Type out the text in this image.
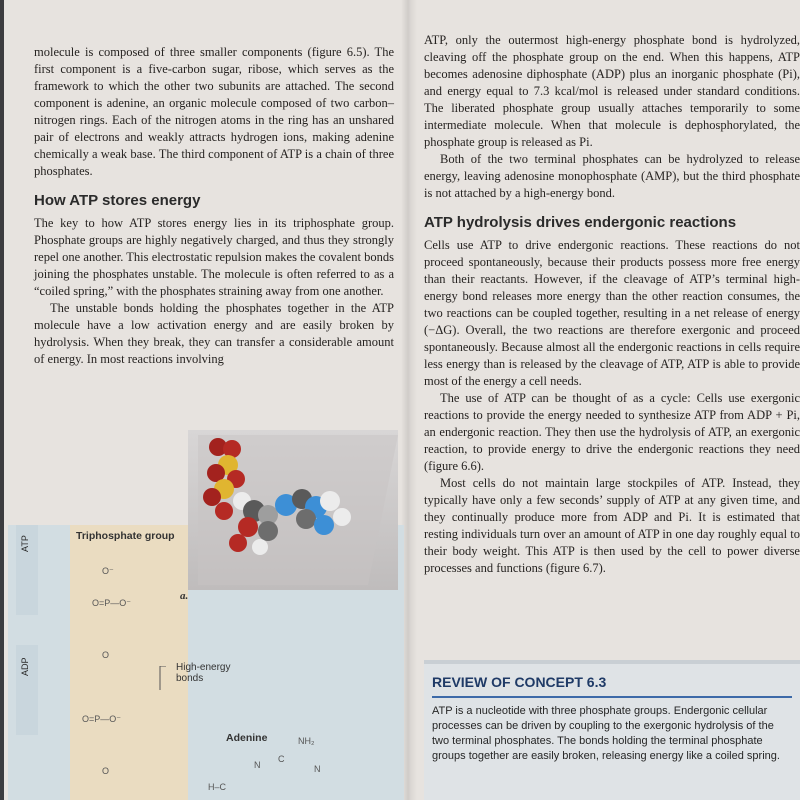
molecule is composed of three smaller components (figure 6.5). The first component is a five-carbon sugar, ribose, which serves as the framework to which the other two subunits are attached. The second component is adenine, an organic molecule composed of two carbon–nitrogen rings. Each of the nitrogen atoms in the ring has an unshared pair of electrons and weakly attracts hydrogen ions, making adenine chemically a weak base. The third component of ATP is a chain of three phosphates.

How ATP stores energy

The key to how ATP stores energy lies in its triphosphate group. Phosphate groups are highly negatively charged, and thus they strongly repel one another. This electrostatic repulsion makes the covalent bonds joining the phosphates unstable. The molecule is often referred to as a “coiled spring,” with the phosphates straining away from one another.

The unstable bonds holding the phosphates together in the ATP molecule have a low activation energy and are easily broken by hydrolysis. When they break, they can transfer a considerable amount of energy. In most reactions involving

ATP, only the outermost high-energy phosphate bond is hydrolyzed, cleaving off the phosphate group on the end. When this happens, ATP becomes adenosine diphosphate (ADP) plus an inorganic phosphate (Pi), and energy equal to 7.3 kcal/mol is released under standard conditions. The liberated phosphate group usually attaches temporarily to some intermediate molecule. When that molecule is dephosphorylated, the phosphate group is released as Pi.

Both of the two terminal phosphates can be hydrolyzed to release energy, leaving adenosine monophosphate (AMP), but the third phosphate is not attached by a high-energy bond.

ATP hydrolysis drives endergonic reactions

Cells use ATP to drive endergonic reactions. These reactions do not proceed spontaneously, because their products possess more free energy than their reactants. However, if the cleavage of ATP’s terminal high-energy bond releases more energy than the other reaction consumes, the two reactions can be coupled together, resulting in a net release of energy (−ΔG). Overall, the two reactions are therefore exergonic and proceed spontaneously. Because almost all the endergonic reactions in cells require less energy than is released by the cleavage of ATP, ATP is able to provide most of the energy a cell needs.

The use of ATP can be thought of as a cycle: Cells use exergonic reactions to provide the energy needed to synthesize ATP from ADP + Pi, an endergonic reaction. They then use the hydrolysis of ATP, an exergonic reaction, to provide energy to drive the endergonic reactions they need (figure 6.6).

Most cells do not maintain large stockpiles of ATP. Instead, they typically have only a few seconds’ supply of ATP at any given time, and they continually produce more from ADP and Pi. It is estimated that resting individuals turn over an amount of ATP in one day roughly equal to their body weight. This ATP is then used by the cell to power diverse processes and functions (figure 6.7).

REVIEW OF CONCEPT 6.3

ATP is a nucleotide with three phosphate groups. Endergonic cellular processes can be driven by coupling to the exergonic hydrolysis of the two terminal phosphates. The bonds holding the terminal phosphate groups together are easily broken, releasing energy like a coiled spring.

ATP
ADP
Triphosphate group
a.
High-energy bonds
Adenine
O⁻
O=P—O⁻
O
O=P—O⁻
O
NH₂
C
N	N
H–C
